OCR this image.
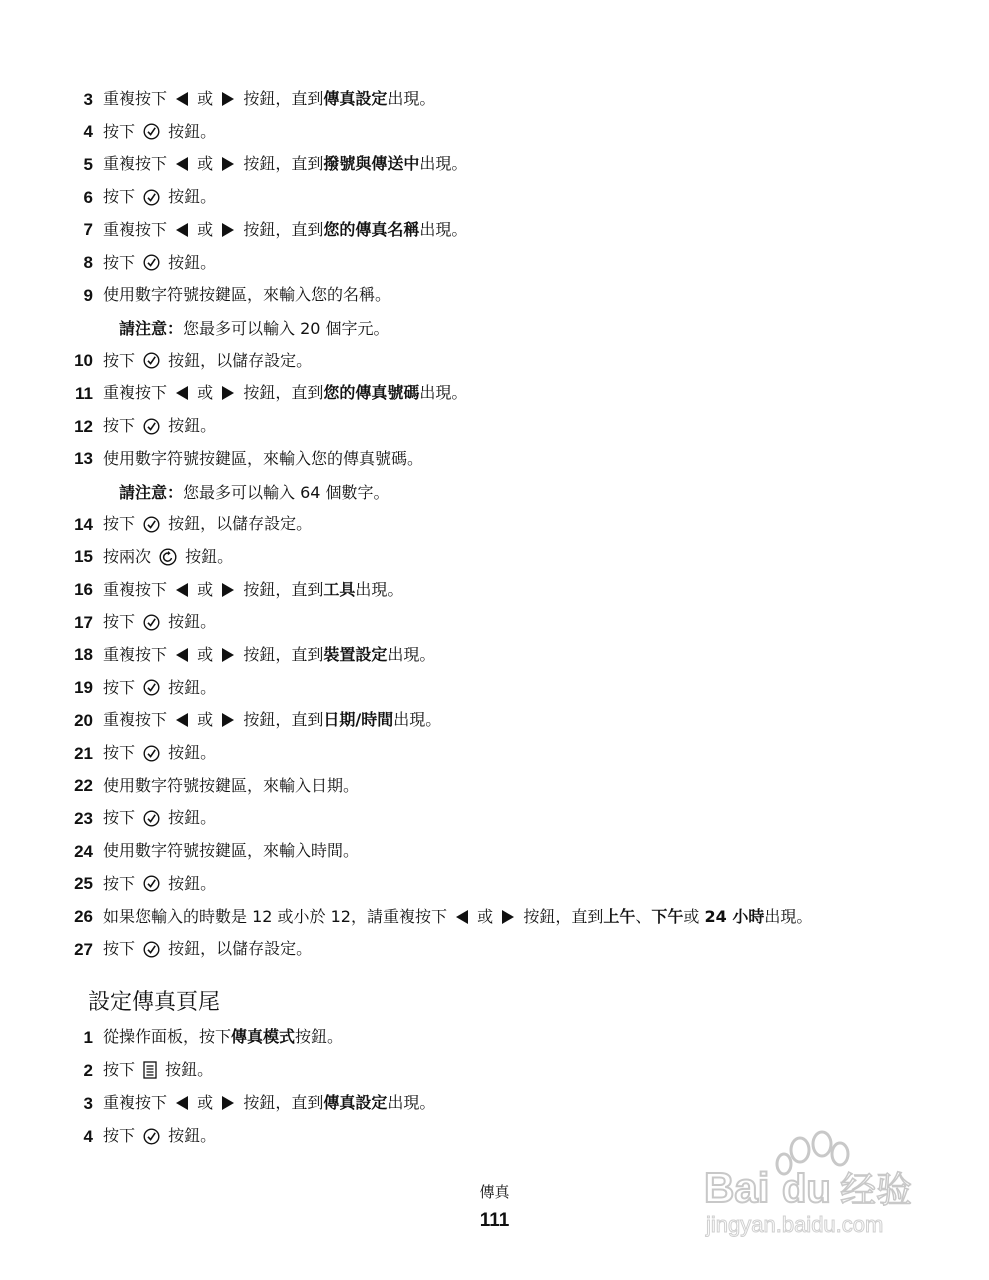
3 重複按下 或 按鈕，直到 傳真設定 出現。
4 按下 按鈕。
5 重複按下 或 按鈕，直到 撥號與傳送中 出現。
6 按下 按鈕。
7 重複按下 或 按鈕，直到 您的傳真名稱 出現。
8 按下 按鈕。
9 使用數字符號按鍵區，來輸入您的名稱。
請注意： 您最多可以輸入 20 個字元。
10 按下 按鈕，以儲存設定。
11 重複按下 或 按鈕，直到 您的傳真號碼 出現。
12 按下 按鈕。
13 使用數字符號按鍵區，來輸入您的傳真號碼。
請注意： 您最多可以輸入 64 個數字。
14 按下 按鈕，以儲存設定。
15 按兩次 按鈕。
16 重複按下 或 按鈕，直到 工具 出現。
17 按下 按鈕。
18 重複按下 或 按鈕，直到 裝置設定 出現。
19 按下 按鈕。
20 重複按下 或 按鈕，直到 日期/時間 出現。
21 按下 按鈕。
22 使用數字符號按鍵區，來輸入日期。
23 按下 按鈕。
24 使用數字符號按鍵區，來輸入時間。
25 按下 按鈕。
26 如果您輸入的時數是 12 或小於 12，請重複按下 或 按鈕，直到 上午 、 下午 或 24 小時 出現。
27 按下 按鈕，以儲存設定。
設定傳真頁尾
1 從操作面板，按下 傳真模式 按鈕。
2 按下 按鈕。
3 重複按下 或 按鈕，直到 傳真設定 出現。
4 按下 按鈕。
傳真
111
Bai du 经验
jingyan.baidu.com
